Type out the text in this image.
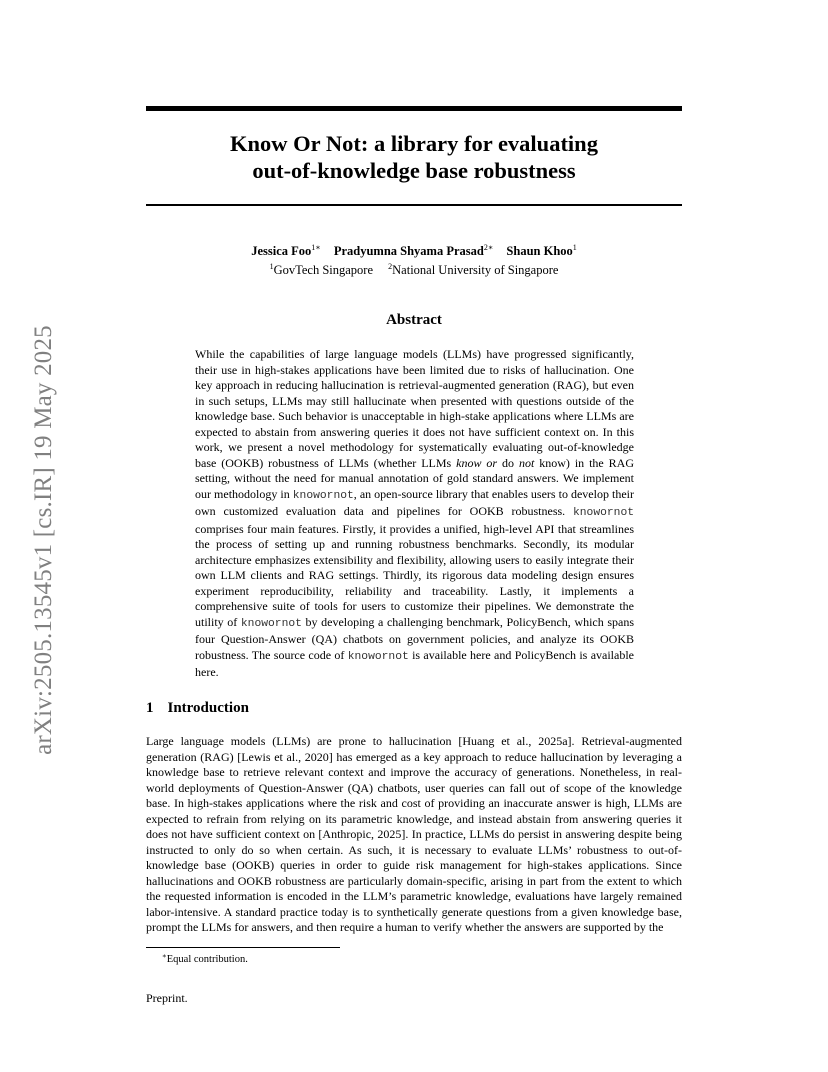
arXiv:2505.13545v1 [cs.IR] 19 May 2025
Know Or Not: a library for evaluating
out-of-knowledge base robustness
Jessica Foo$^{1∗}$ Pradyumna Shyama Prasad$^{2∗}$ Shaun Khoo$^1$
$^1$GovTech Singapore $^2$National University of Singapore
Abstract
While the capabilities of large language models (LLMs) have progressed significantly, their use in high-stakes applications have been limited due to risks of hallucination. One key approach in reducing hallucination is retrieval-augmented generation (RAG), but even in such setups, LLMs may still hallucinate when presented with questions outside of the knowledge base. Such behavior is unacceptable in high-stake applications where LLMs are expected to abstain from answering queries it does not have sufficient context on. In this work, we present a novel methodology for systematically evaluating out-of-knowledge base (OOKB) robustness of LLMs (whether LLMs know or do not know) in the RAG setting, without the need for manual annotation of gold standard answers. We implement our methodology in knowornot, an open-source library that enables users to develop their own customized evaluation data and pipelines for OOKB robustness. knowornot comprises four main features. Firstly, it provides a unified, high-level API that streamlines the process of setting up and running robustness benchmarks. Secondly, its modular architecture emphasizes extensibility and flexibility, allowing users to easily integrate their own LLM clients and RAG settings. Thirdly, its rigorous data modeling design ensures experiment reproducibility, reliability and traceability. Lastly, it implements a comprehensive suite of tools for users to customize their pipelines. We demonstrate the utility of knowornot by developing a challenging benchmark, PolicyBench, which spans four Question-Answer (QA) chatbots on government policies, and analyze its OOKB robustness. The source code of knowornot is available here and PolicyBench is available here.
1 Introduction
Large language models (LLMs) are prone to hallucination [Huang et al., 2025a]. Retrieval-augmented generation (RAG) [Lewis et al., 2020] has emerged as a key approach to reduce hallucination by leveraging a knowledge base to retrieve relevant context and improve the accuracy of generations. Nonetheless, in real-world deployments of Question-Answer (QA) chatbots, user queries can fall out of scope of the knowledge base. In high-stakes applications where the risk and cost of providing an inaccurate answer is high, LLMs are expected to refrain from relying on its parametric knowledge, and instead abstain from answering queries it does not have sufficient context on [Anthropic, 2025]. In practice, LLMs do persist in answering despite being instructed to only do so when certain. As such, it is necessary to evaluate LLMs’ robustness to out-of-knowledge base (OOKB) queries in order to guide risk management for high-stakes applications. Since hallucinations and OOKB robustness are particularly domain-specific, arising in part from the extent to which the requested information is encoded in the LLM’s parametric knowledge, evaluations have largely remained labor-intensive. A standard practice today is to synthetically generate questions from a given knowledge base, prompt the LLMs for answers, and then require a human to verify whether the answers are supported by the
∗Equal contribution.
Preprint.
